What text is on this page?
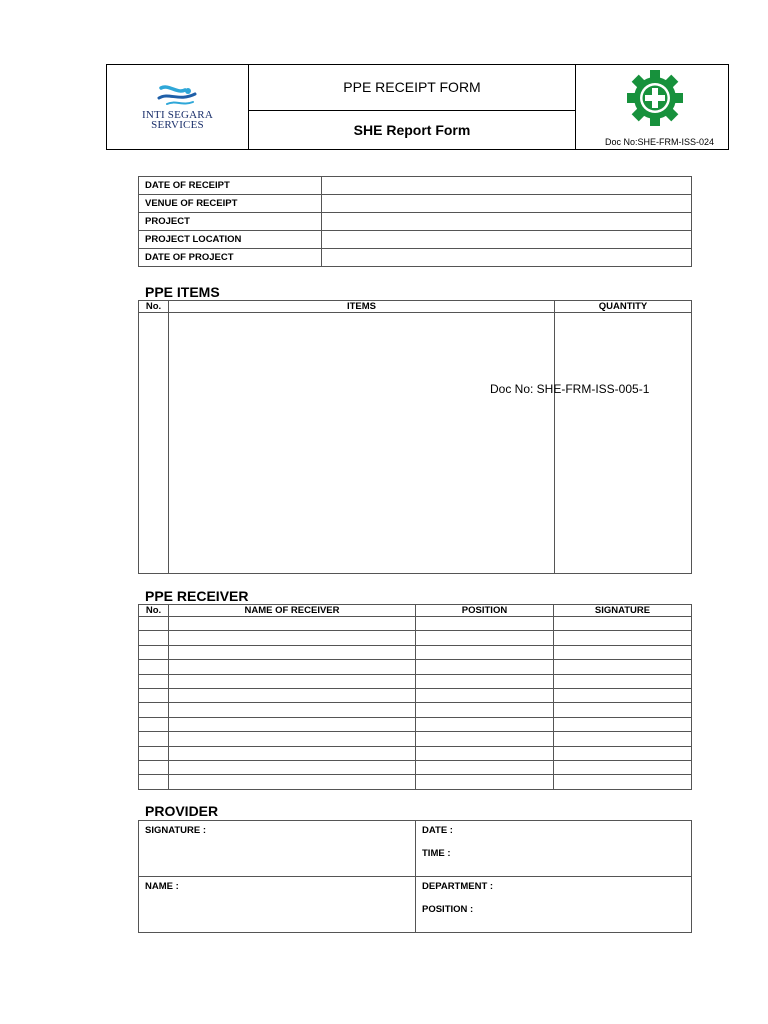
INTI SEGARA
SERVICES
	PPE RECEIPT FORM	
Doc No:SHE-FRM-ISS-024

SHE Report Form
DATE OF RECEIPT	
VENUE OF RECEIPT	
PROJECT	
PROJECT LOCATION	
DATE OF PROJECT	
PPE ITEMS
No.	ITEMS	QUANTITY

Doc No: SHE-FRM-ISS-005-1
PPE RECEIVER
No.	NAME OF RECEIVER	POSITION	SIGNATURE

PROVIDER
SIGNATURE :	DATE :
TIME :

NAME :	DEPARTMENT :
POSITION :
